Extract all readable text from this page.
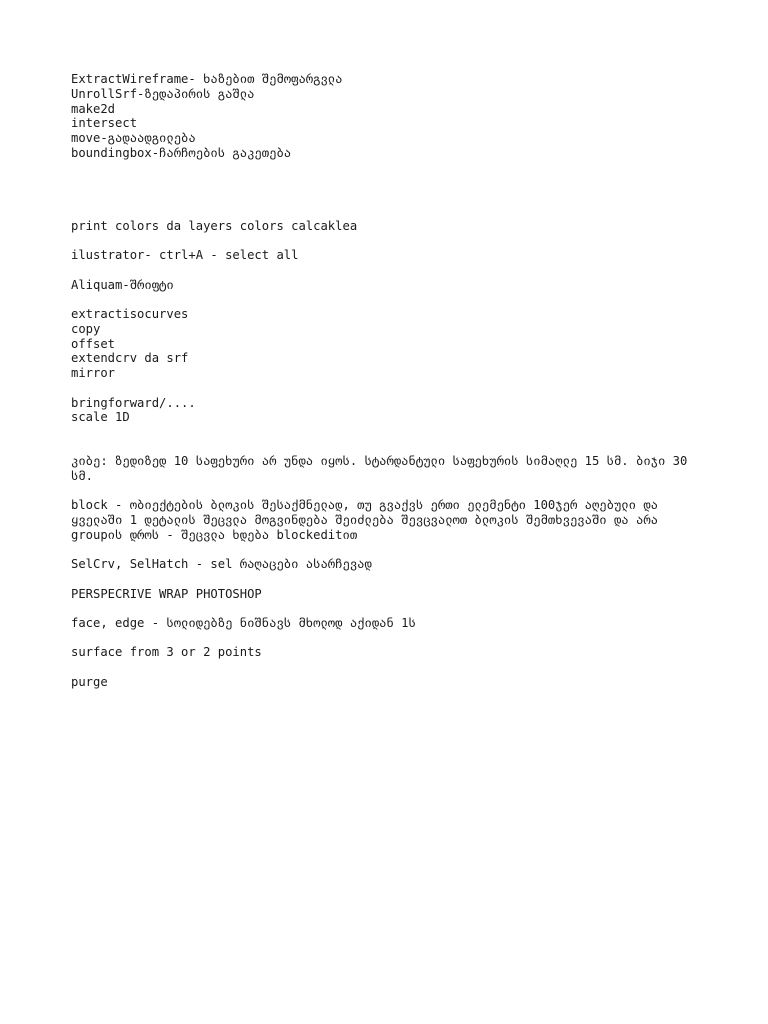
ExtractWireframe- ხაზებით შემოფარგვლა
UnrollSrf-ზედაპირის გაშლა
make2d
intersect
move-გადაადგილება
boundingbox-ჩარჩოების გაკეთება
print colors da layers colors calcaklea
ilustrator- ctrl+A - select all
Aliquam-შრიფტი
extractisocurves
copy
offset
extendcrv da srf
mirror
bringforward/....
scale 1D
კიბე: ზედიზედ 10 საფეხური არ უნდა იყოს. სტარდანტული საფეხურის სიმაღლე 15 სმ. ბიჯი 30 სმ.
block - ობიექტების ბლოკის შესაქმნელად, თუ გვაქვს ერთი ელემენტი 100ჯერ აღებული და ყველაში 1 დეტალის შეცვლა მოგვინდება შეიძლება შევცვალოთ ბლოკის შემთხვევაში და არა groupის დროს - შეცვლა ხდება blockeditით
SelCrv, SelHatch - sel რაღაცები ასარჩევად
PERSPECRIVE WRAP PHOTOSHOP
face, edge - სოლიდებზე ნიშნავს მხოლოდ აქიდან 1ს
surface from 3 or 2 points
purge
